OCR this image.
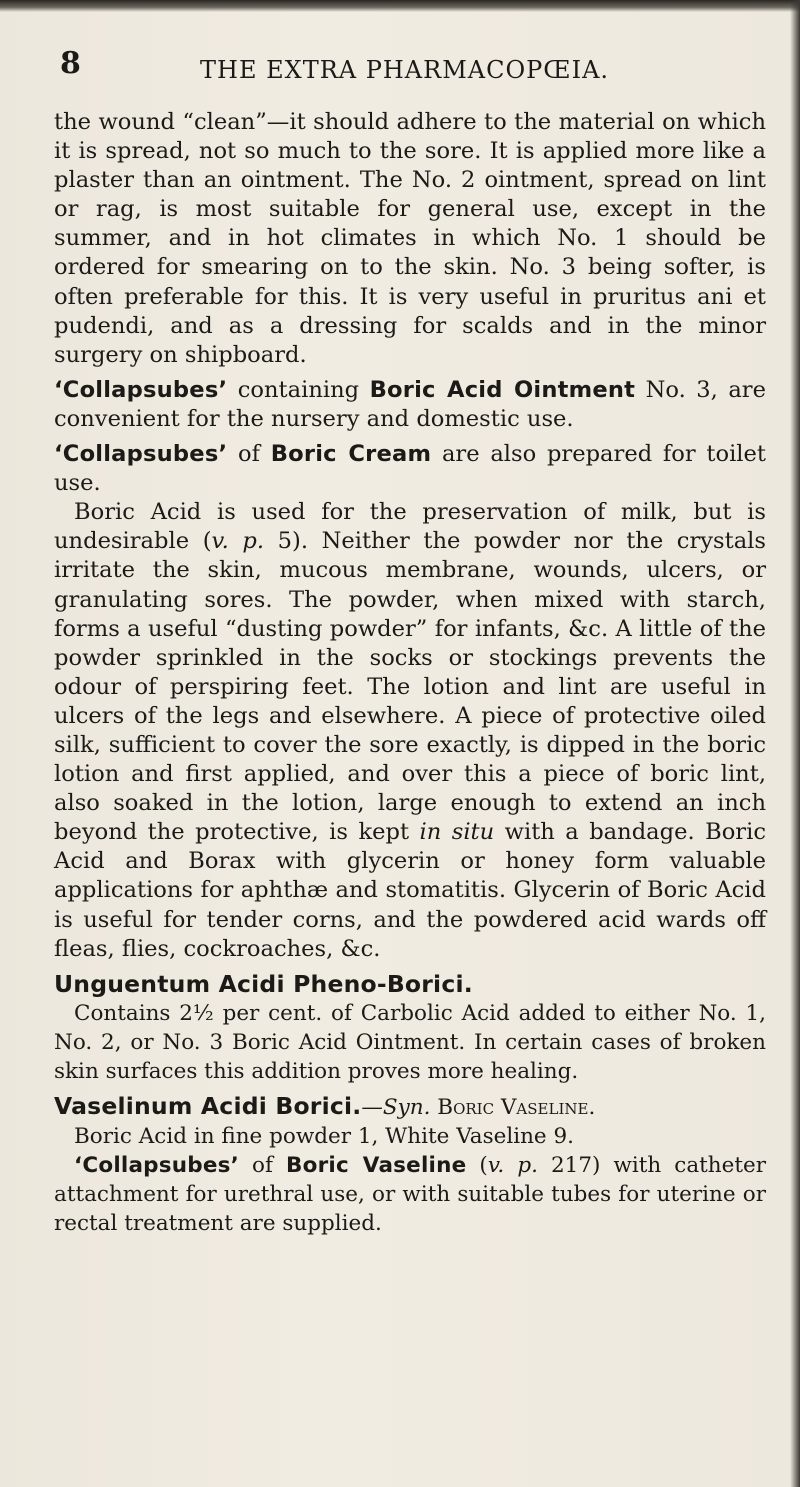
8	THE EXTRA PHARMACOPŒIA.

the wound “clean”—it should adhere to the material on which it is spread, not so much to the sore. It is applied more like a plaster than an ointment. The No. 2 ointment, spread on lint or rag, is most suitable for general use, except in the summer, and in hot climates in which No. 1 should be ordered for smearing on to the skin. No. 3 being softer, is often preferable for this. It is very useful in pruritus ani et pudendi, and as a dressing for scalds and in the minor surgery on shipboard.

‘Collapsubes’ containing Boric Acid Ointment No. 3, are convenient for the nursery and domestic use.

‘Collapsubes’ of Boric Cream are also prepared for toilet use.

Boric Acid is used for the preservation of milk, but is undesirable (v. p. 5). Neither the powder nor the crystals irritate the skin, mucous membrane, wounds, ulcers, or granulating sores. The powder, when mixed with starch, forms a useful “dusting powder” for infants, &c. A little of the powder sprinkled in the socks or stockings prevents the odour of perspiring feet. The lotion and lint are useful in ulcers of the legs and elsewhere. A piece of protective oiled silk, sufficient to cover the sore exactly, is dipped in the boric lotion and first applied, and over this a piece of boric lint, also soaked in the lotion, large enough to extend an inch beyond the protective, is kept in situ with a bandage. Boric Acid and Borax with glycerin or honey form valuable applications for aphthæ and stomatitis. Glycerin of Boric Acid is useful for tender corns, and the powdered acid wards off fleas, flies, cockroaches, &c.

Unguentum Acidi Pheno-Borici.

Contains 2½ per cent. of Carbolic Acid added to either No. 1, No. 2, or No. 3 Boric Acid Ointment. In certain cases of broken skin surfaces this addition proves more healing.

Vaselinum Acidi Borici.—Syn. Boric Vaseline.

Boric Acid in fine powder 1, White Vaseline 9.

‘Collapsubes’ of Boric Vaseline (v. p. 217) with catheter attachment for urethral use, or with suitable tubes for uterine or rectal treatment are supplied.
